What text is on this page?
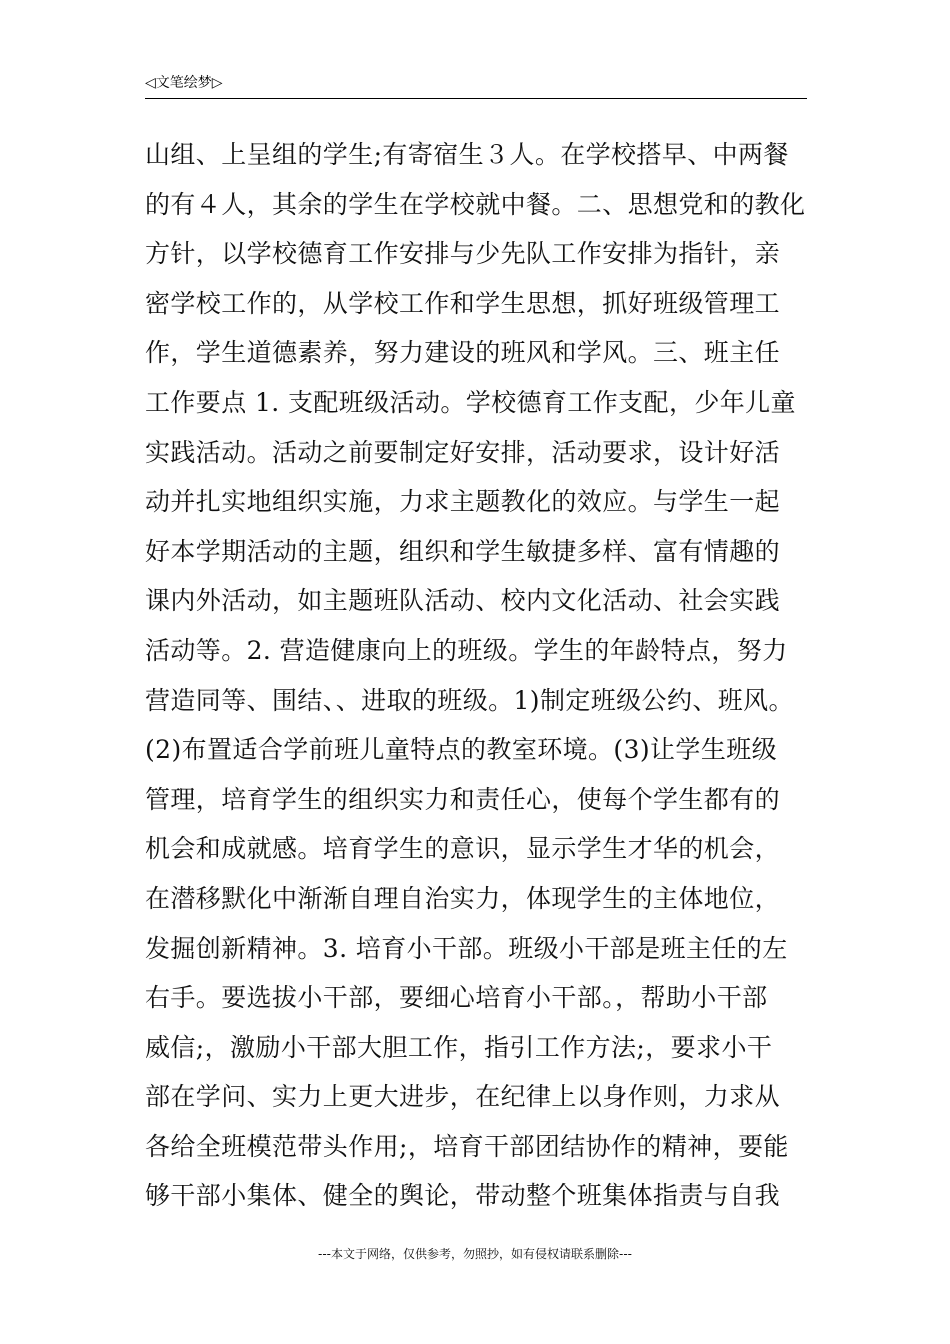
◁文笔绘梦▷
山组、上呈组的学生;有寄宿生３人。在学校搭早、中两餐
的有４人，其余的学生在学校就中餐。二、思想党和的教化
方针，以学校德育工作安排与少先队工作安排为指针，亲
密学校工作的，从学校工作和学生思想，抓好班级管理工
作，学生道德素养，努力建设的班风和学风。三、班主任
工作要点 1. 支配班级活动。学校德育工作支配，少年儿童
实践活动。活动之前要制定好安排，活动要求，设计好活
动并扎实地组织实施，力求主题教化的效应。与学生一起
好本学期活动的主题，组织和学生敏捷多样、富有情趣的
课内外活动，如主题班队活动、校内文化活动、社会实践
活动等。2. 营造健康向上的班级。学生的年龄特点，努力
营造同等、围结、、进取的班级。1)制定班级公约、班风。
(2)布置适合学前班儿童特点的教室环境。(3)让学生班级
管理，培育学生的组织实力和责任心，使每个学生都有的
机会和成就感。培育学生的意识，显示学生才华的机会，
在潜移默化中渐渐自理自治实力，体现学生的主体地位，
发掘创新精神。3. 培育小干部。班级小干部是班主任的左
右手。要选拔小干部，要细心培育小干部。，帮助小干部
威信;，激励小干部大胆工作，指引工作方法;，要求小干
部在学问、实力上更大进步，在纪律上以身作则，力求从
各给全班模范带头作用;，培育干部团结协作的精神，要能
够干部小集体、健全的舆论，带动整个班集体指责与自我
---本文于网络，仅供参考，勿照抄，如有侵权请联系删除---
